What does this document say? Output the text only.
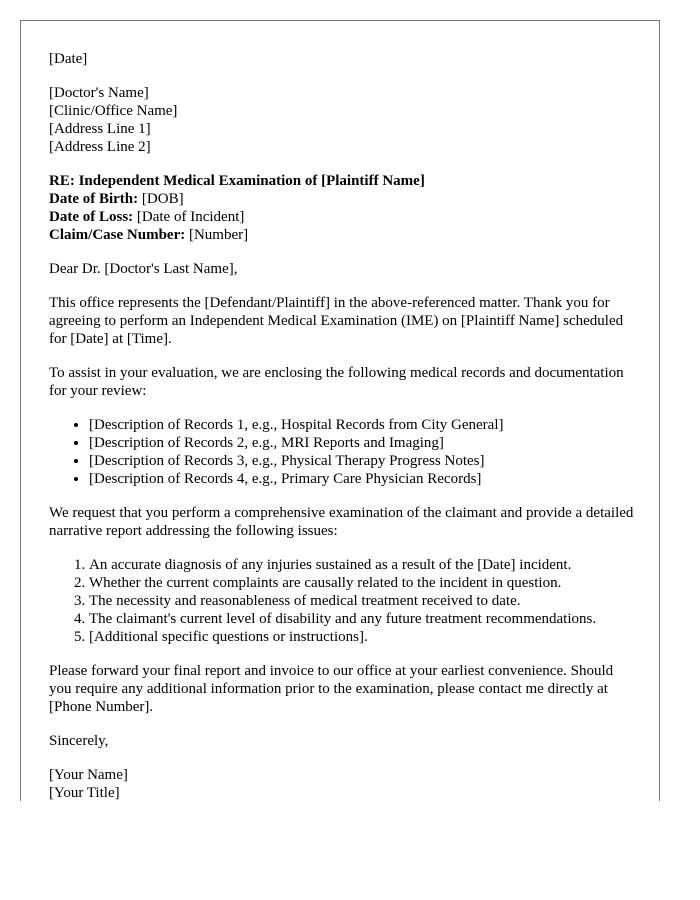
[Date]

[Doctor's Name]
[Clinic/Office Name]
[Address Line 1]
[Address Line 2]

RE: Independent Medical Examination of [Plaintiff Name]
Date of Birth: [DOB]
Date of Loss: [Date of Incident]
Claim/Case Number: [Number]

Dear Dr. [Doctor's Last Name],

This office represents the [Defendant/Plaintiff] in the above-referenced matter. Thank you for agreeing to perform an Independent Medical Examination (IME) on [Plaintiff Name] scheduled for [Date] at [Time].

To assist in your evaluation, we are enclosing the following medical records and documentation for your review:

• [Description of Records 1, e.g., Hospital Records from City General]
• [Description of Records 2, e.g., MRI Reports and Imaging]
• [Description of Records 3, e.g., Physical Therapy Progress Notes]
• [Description of Records 4, e.g., Primary Care Physician Records]

We request that you perform a comprehensive examination of the claimant and provide a detailed narrative report addressing the following issues:

1. An accurate diagnosis of any injuries sustained as a result of the [Date] incident.
2. Whether the current complaints are causally related to the incident in question.
3. The necessity and reasonableness of medical treatment received to date.
4. The claimant's current level of disability and any future treatment recommendations.
5. [Additional specific questions or instructions].

Please forward your final report and invoice to our office at your earliest convenience. Should you require any additional information prior to the examination, please contact me directly at [Phone Number].

Sincerely,

[Your Name]
[Your Title]
